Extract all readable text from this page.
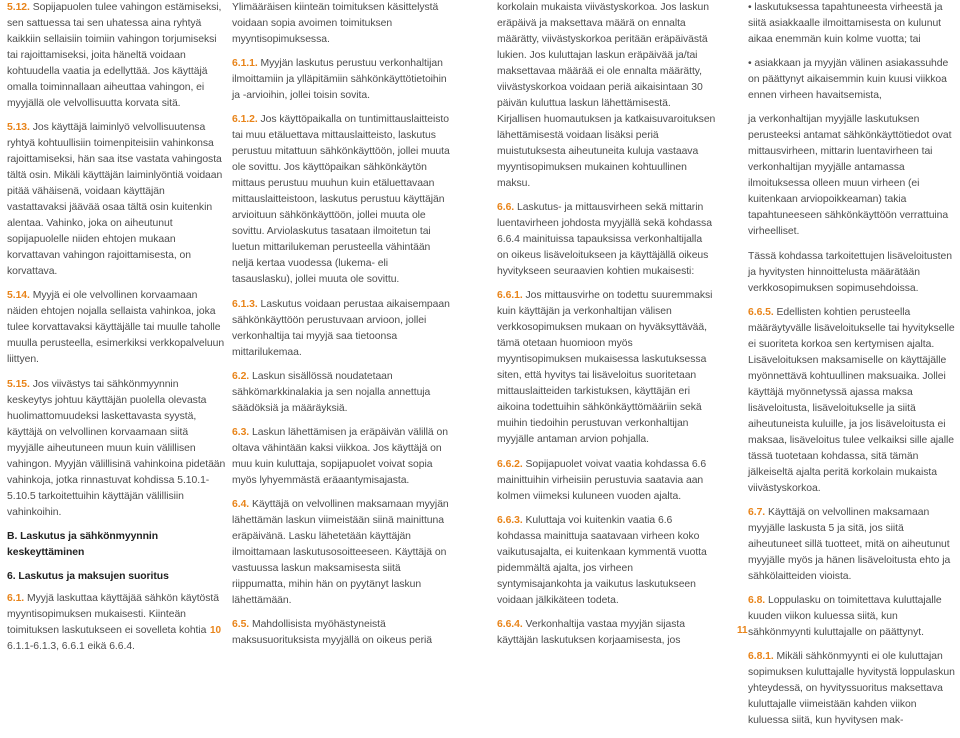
5.12. Sopijapuolen tulee vahingon estämiseksi, sen sattuessa tai sen uhatessa aina ryhtyä kaikkiin sellaisiin toimiin vahingon torjumiseksi tai rajoittamiseksi, joita häneltä voidaan kohtuudella vaatia ja edellyttää. Jos käyttäjä omalla toiminnallaan aiheuttaa vahingon, ei myyjällä ole velvollisuutta korvata sitä.

5.13. Jos käyttäjä laiminlyö velvollisuutensa ryhtyä kohtuullisiin toimenpiteisiin vahinkonsa rajoittamiseksi, hän saa itse vastata vahingosta tältä osin. Mikäli käyttäjän laiminlyöntiä voidaan pitää vähäisenä, voidaan käyttäjän vastattavaksi jäävää osaa tältä osin kuitenkin alentaa. Vahinko, joka on aiheutunut sopijapuolelle niiden ehtojen mukaan korvattavan vahingon rajoittamisesta, on korvattava.

5.14. Myyjä ei ole velvollinen korvaamaan näiden ehtojen nojalla sellaista vahinkoa, joka tulee korvattavaksi käyttäjälle tai muulle taholle muulla perusteella, esimerkiksi verkkopalveluun liittyen.

5.15. Jos viivästys tai sähkönmyynnin keskeytys johtuu käyttäjän puolella olevasta huolimattomuudeksi laskettavasta syystä, käyttäjä on velvollinen korvaamaan siitä myyjälle aiheutuneen muun kuin välillisen vahingon. Myyjän välillisinä vahinkoina pidetään vahinkoja, jotka rinnastuvat kohdissa 5.10.1-5.10.5 tarkoitettuihin käyttäjän välillisiin vahinkoihin.

B. Laskutus ja sähkönmyynnin keskeyttäminen

6. Laskutus ja maksujen suoritus

6.1. Myyjä laskuttaa käyttäjää sähkön käytöstä myyntisopimuksen mukaisesti. Kiinteän toimituksen laskutukseen ei sovelleta kohtia 6.1.1-6.1.3, 6.6.1 eikä 6.6.4.

Ylimääräisen kiinteän toimituksen käsittelystä voidaan sopia avoimen toimituksen myyntisopimuksessa.

6.1.1. Myyjän laskutus perustuu verkonhaltijan ilmoittamiin ja ylläpitämiin sähkönkäyttötietoihin ja -arvioihin, jollei toisin sovita.

6.1.2. Jos käyttöpaikalla on tuntimittauslaitteisto tai muu etäluettava mittauslaitteisto, laskutus perustuu mitattuun sähkönkäyttöön, jollei muuta ole sovittu. Jos käyttöpaikan sähkönkäytön mittaus perustuu muuhun kuin etäluettavaan mittauslaitteistoon, laskutus perustuu käyttäjän arvioituun sähkönkäyttöön, jollei muuta ole sovittu. Arviolaskutus tasataan ilmoitetun tai luetun mittarilukeman perusteella vähintään neljä kertaa vuodessa (lukema- eli tasauslasku), jollei muuta ole sovittu.

6.1.3. Laskutus voidaan perustaa aikaisempaan sähkönkäyttöön perustuvaan arvioon, jollei verkonhaltija tai myyjä saa tietoonsa mittarilukemaa.

6.2. Laskun sisällössä noudatetaan sähkömarkkinalakia ja sen nojalla annettuja säädöksiä ja määräyksiä.

6.3. Laskun lähettämisen ja eräpäivän välillä on oltava vähintään kaksi viikkoa. Jos käyttäjä on muu kuin kuluttaja, sopijapuolet voivat sopia myös lyhyemmästä eräaantymisajasta.

6.4. Käyttäjä on velvollinen maksamaan myyjän lähettämän laskun viimeistään siinä mainittuna eräpäivänä. Lasku lähetetään käyttäjän ilmoittamaan laskutusosoitteeseen. Käyttäjä on vastuussa laskun maksamisesta siitä riippumatta, mihin hän on pyytänyt laskun lähettämään.

6.5. Mahdollisista myöhästyneistä maksusuorituksista myyjällä on oikeus periä

10

korkolain mukaista viivästyskorkoa. Jos laskun eräpäivä ja maksettava määrä on ennalta määrätty, viivästyskorkoa peritään eräpäivästä lukien. Jos kuluttajan laskun eräpäivää ja/tai maksettavaa määrää ei ole ennalta määrätty, viivästyskorkoa voidaan periä aikaisintaan 30 päivän kuluttua laskun lähettämisestä. Kirjallisen huomautuksen ja katkaisuvaroituksen lähettämisestä voidaan lisäksi periä muistutuksesta aiheutuneita kuluja vastaava myyntisopimuksen mukainen kohtuullinen maksu.

6.6. Laskutus- ja mittausvirheen sekä mittarin luentavirheen johdosta myyjällä sekä kohdassa 6.6.4 mainituissa tapauksissa verkonhaltijalla on oikeus lisäveloitukseen ja käyttäjällä oikeus hyvitykseen seuraavien kohtien mukaisesti:

6.6.1. Jos mittausvirhe on todettu suuremmaksi kuin käyttäjän ja verkonhaltijan välisen verkkosopimuksen mukaan on hyväksyttävää, tämä otetaan huomioon myös myyntisopimuksen mukaisessa laskutuksessa siten, että hyvitys tai lisäveloitus suoritetaan mittauslaitteiden tarkistuksen, käyttäjän eri aikoina todettuihin sähkönkäyttömääriin sekä muihin tiedoihin perustuvan verkonhaltijan myyjälle antaman arvion pohjalla.

6.6.2. Sopijapuolet voivat vaatia kohdassa 6.6 mainittuihin virheisiin perustuvia saatavia aan kolmen viimeksi kuluneen vuoden ajalta.

6.6.3. Kuluttaja voi kuitenkin vaatia 6.6 kohdassa mainittuja saatavaan virheen koko vaikutusajalta, ei kuitenkaan kymmentä vuotta pidemmältä ajalta, jos virheen syntymisajankohta ja vaikutus laskutukseen voidaan jälkikäteen todeta.

6.6.4. Verkonhaltija vastaa myyjän sijasta käyttäjän laskutuksen korjaamisesta, jos

• laskutuksessa tapahtuneesta virheestä ja siitä asiakkaalle ilmoittamisesta on kulunut aikaa enemmän kuin kolme vuotta; tai

• asiakkaan ja myyjän välinen asiakassuhde on päättynyt aikaisemmin kuin kuusi viikkoa ennen virheen havaitsemista,

ja verkonhaltijan myyjälle laskutuksen perusteeksi antamat sähkönkäyttötiedot ovat mittausvirheen, mittarin luentavirheen tai verkonhaltijan myyjälle antamassa ilmoituksessa olleen muun virheen (ei kuitenkaan arviopoikkeaman) takia tapahtuneeseen sähkönkäyttöön verrattuina virheelliset.

Tässä kohdassa tarkoitettujen lisäveloitusten ja hyvitysten hinnoittelusta määrätään verkkosopimuksen sopimusehdoissa.

6.6.5. Edellisten kohtien perusteella määräytyvälle lisäveloitukselle tai hyvitykselle ei suoriteta korkoa sen kertymisen ajalta. Lisäveloituksen maksamiselle on käyttäjälle myönnettävä kohtuullinen maksuaika. Jollei käyttäjä myönnetyssä ajassa maksa lisäveloitusta, lisäveloitukselle ja siitä aiheutuneista kuluille, ja jos lisäveloitusta ei maksaa, lisäveloitus tulee velkaiksi sille ajalle tässä tuotetaan kohdassa, sitä tämän jälkeiseltä ajalta peritä korkolain mukaista viivästyskorkoa.

6.7. Käyttäjä on velvollinen maksamaan myyjälle laskusta 5 ja sitä, jos siitä aiheutuneet sillä tuotteet, mitä on aiheutunut myyjälle myös ja hänen lisäveloitusta ehto ja sähkölaitteiden vioista.

6.8. Loppulasku on toimitettava kuluttajalle kuuden viikon kuluessa siitä, kun sähkönmyynti kuluttajalle on päättynyt.

6.8.1. Mikäli sähkönmyynti ei ole kuluttajan sopimuksen kuluttajalle hyvitystä loppulaskun yhteydessä, on hyvityssuoritus maksettava kuluttajalle viimeistään kahden viikon kuluessa siitä, kun hyvitysen mak-

11
